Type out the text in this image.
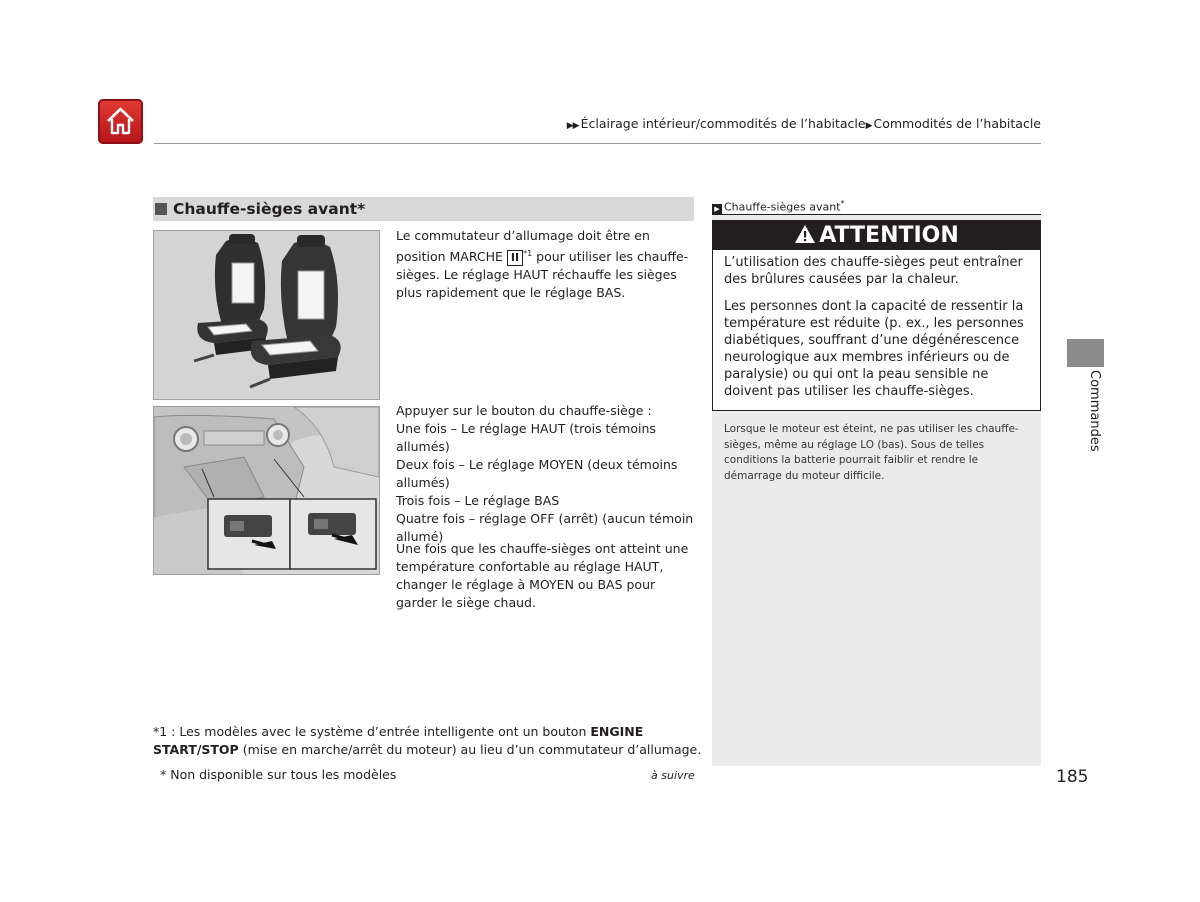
▶▶ Éclairage intérieur/commodités de l’habitacle▶ Commodités de l’habitacle
Chauffe-sièges avant*
Le commutateur d’allumage doit être en position MARCHE II $^{*1}$ pour utiliser les chauffe-sièges. Le réglage HAUT réchauffe les sièges plus rapidement que le réglage BAS.
Appuyer sur le bouton du chauffe-siège :
Une fois – Le réglage HAUT (trois témoins allumés)
Deux fois – Le réglage MOYEN (deux témoins allumés)
Trois fois – Le réglage BAS
Quatre fois – réglage OFF (arrêt) (aucun témoin allumé)
Une fois que les chauffe-sièges ont atteint une température confortable au réglage HAUT, changer le réglage à MOYEN ou BAS pour garder le siège chaud.
*1 : Les modèles avec le système d’entrée intelligente ont un bouton ENGINE START/STOP (mise en marche/arrêt du moteur) au lieu d’un commutateur d’allumage.
* Non disponible sur tous les modèles	à suivre	185
▶ Chauffe-sièges avant*
ATTENTION
L’utilisation des chauffe-sièges peut entraîner des brûlures causées par la chaleur.
Les personnes dont la capacité de ressentir la température est réduite (p. ex., les personnes diabétiques, souffrant d’une dégénérescence neurologique aux membres inférieurs ou de paralysie) ou qui ont la peau sensible ne doivent pas utiliser les chauffe-sièges.
Lorsque le moteur est éteint, ne pas utiliser les chauffe-sièges, même au réglage LO (bas). Sous de telles conditions la batterie pourrait faiblir et rendre le démarrage du moteur difficile.
Commandes
